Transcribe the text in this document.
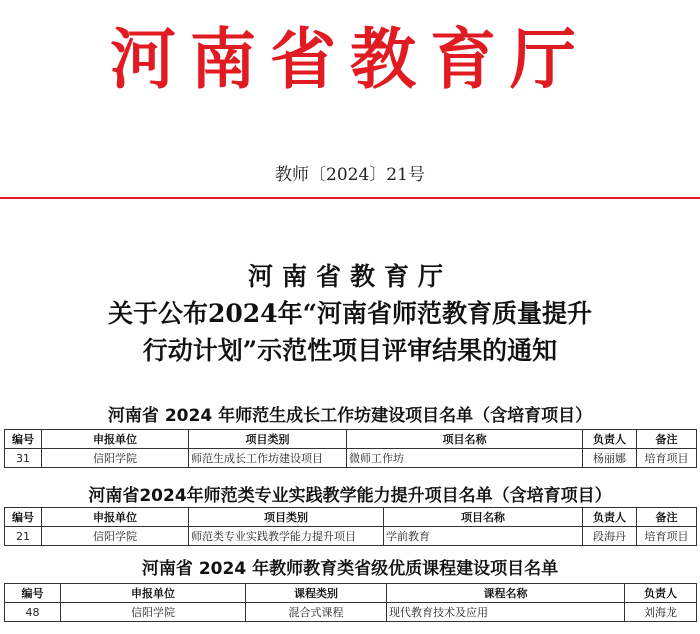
河南省教育厅
教师〔2024〕21号
河南省教育厅
关于公布2024年“河南省师范教育质量提升
行动计划”示范性项目评审结果的通知
河南省 2024 年师范生成长工作坊建设项目名单（含培育项目）
编号	申报单位	项目类别	项目名称	负责人	备注
31	信阳学院	师范生成长工作坊建设项目	微师工作坊	杨丽娜	培育项目
河南省2024年师范类专业实践教学能力提升项目名单（含培育项目）
编号	申报单位	项目类别	项目名称	负责人	备注
21	信阳学院	师范类专业实践教学能力提升项目	学前教育	段海丹	培育项目
河南省 2024 年教师教育类省级优质课程建设项目名单
编号	申报单位	课程类别	课程名称	负责人
48	信阳学院	混合式课程	现代教育技术及应用	刘海龙
